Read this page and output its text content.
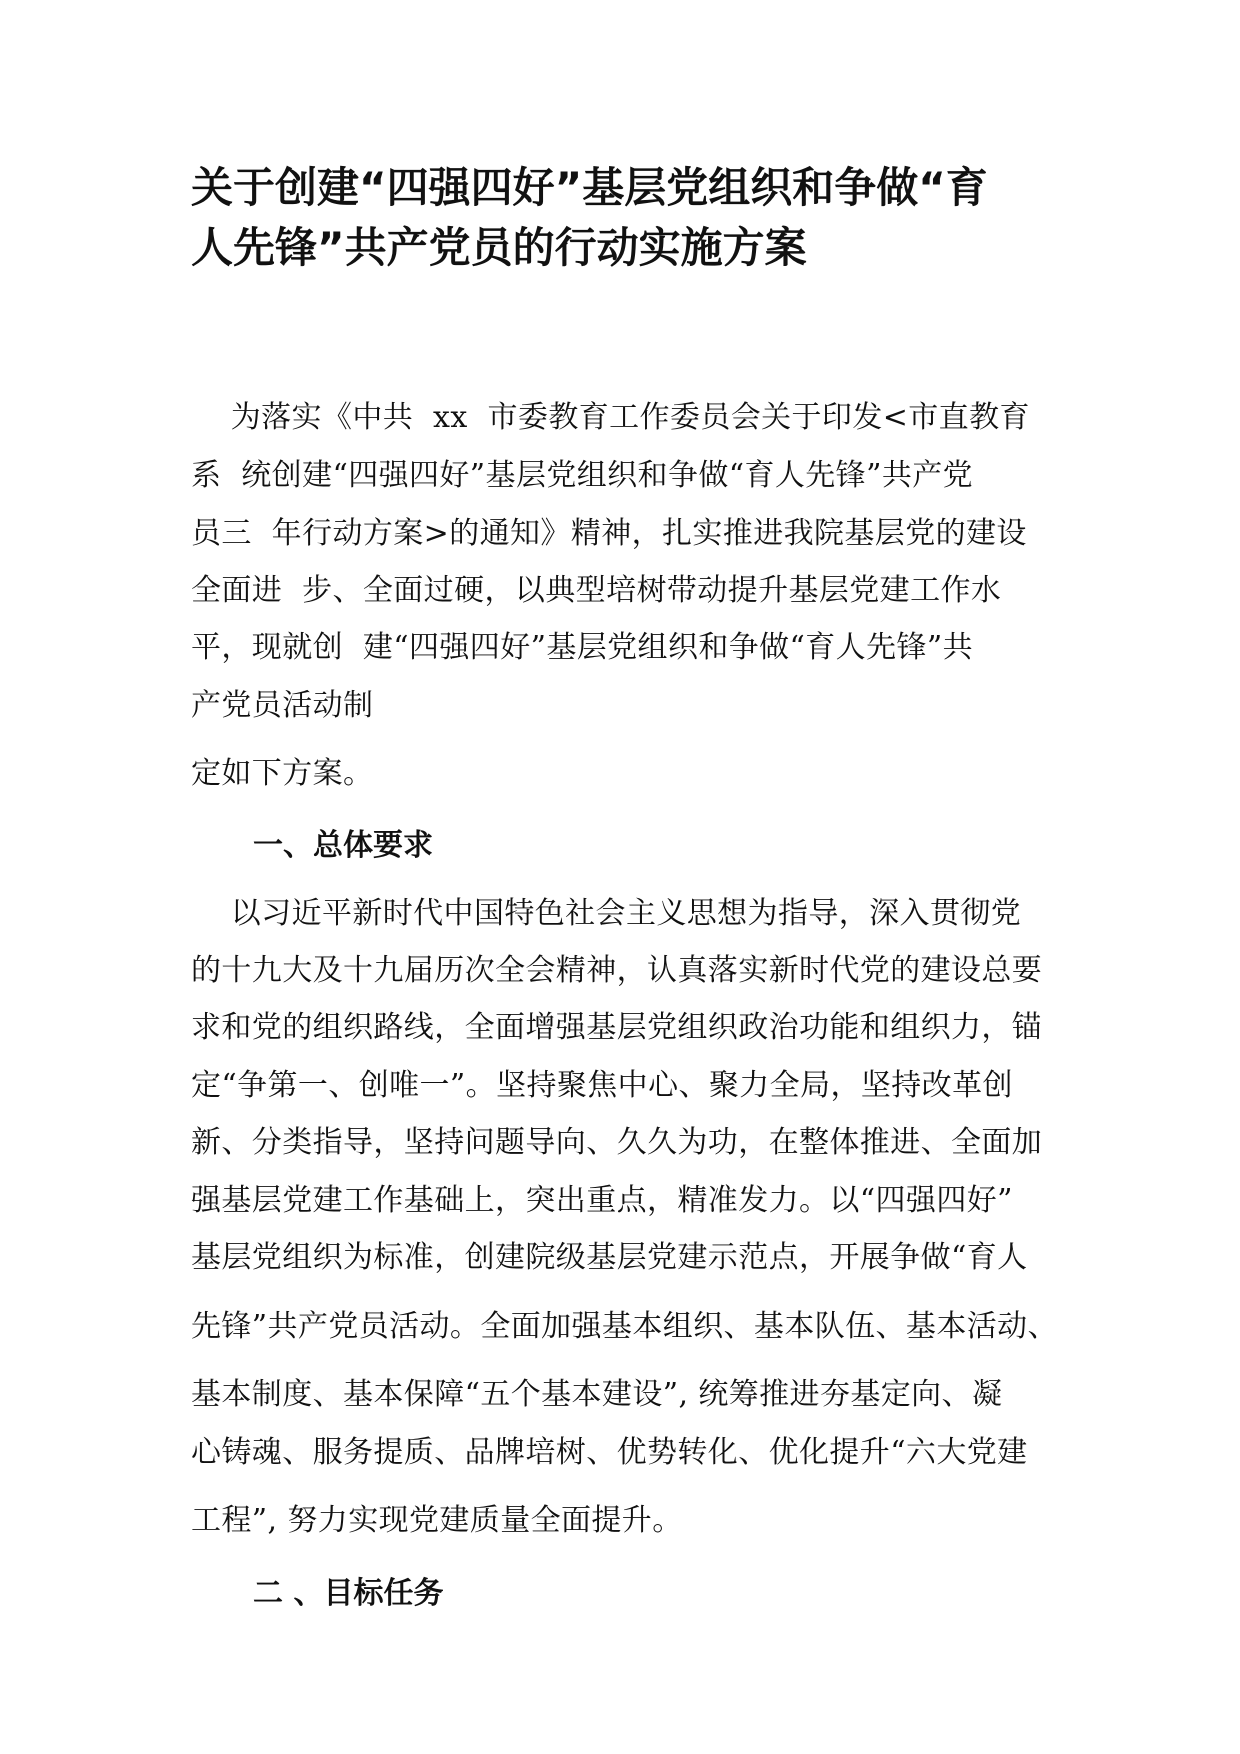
关于创建“四强四好”基层党组织和争做“育
人先锋”共产党员的行动实施方案
为落实《中共  xx  市委教育工作委员会关于印发<市直教育
系  统创建“四强四好”基层党组织和争做“育人先锋”共产党
员三  年行动方案>的通知》精神，扎实推进我院基层党的建设
全面进  步、全面过硬，以典型培树带动提升基层党建工作水
平，现就创  建“四强四好”基层党组织和争做“育人先锋”共
产党员活动制
定如下方案。
一、总体要求
以习近平新时代中国特色社会主义思想为指导，深入贯彻党
的十九大及十九届历次全会精神，认真落实新时代党的建设总要
求和党的组织路线，全面增强基层党组织政治功能和组织力，锚
定“争第一、创唯一”。坚持聚焦中心、聚力全局，坚持改革创
新、分类指导，坚持问题导向、久久为功，在整体推进、全面加
强基层党建工作基础上，突出重点，精准发力。以“四强四好”
基层党组织为标准，创建院级基层党建示范点，开展争做“育人
先锋”共产党员活动。全面加强基本组织、基本队伍、基本活动、
基本制度、基本保障“五个基本建设”, 统筹推进夯基定向、凝
心铸魂、服务提质、品牌培树、优势转化、优化提升“六大党建
工程”, 努力实现党建质量全面提升。
二 、目标任务
